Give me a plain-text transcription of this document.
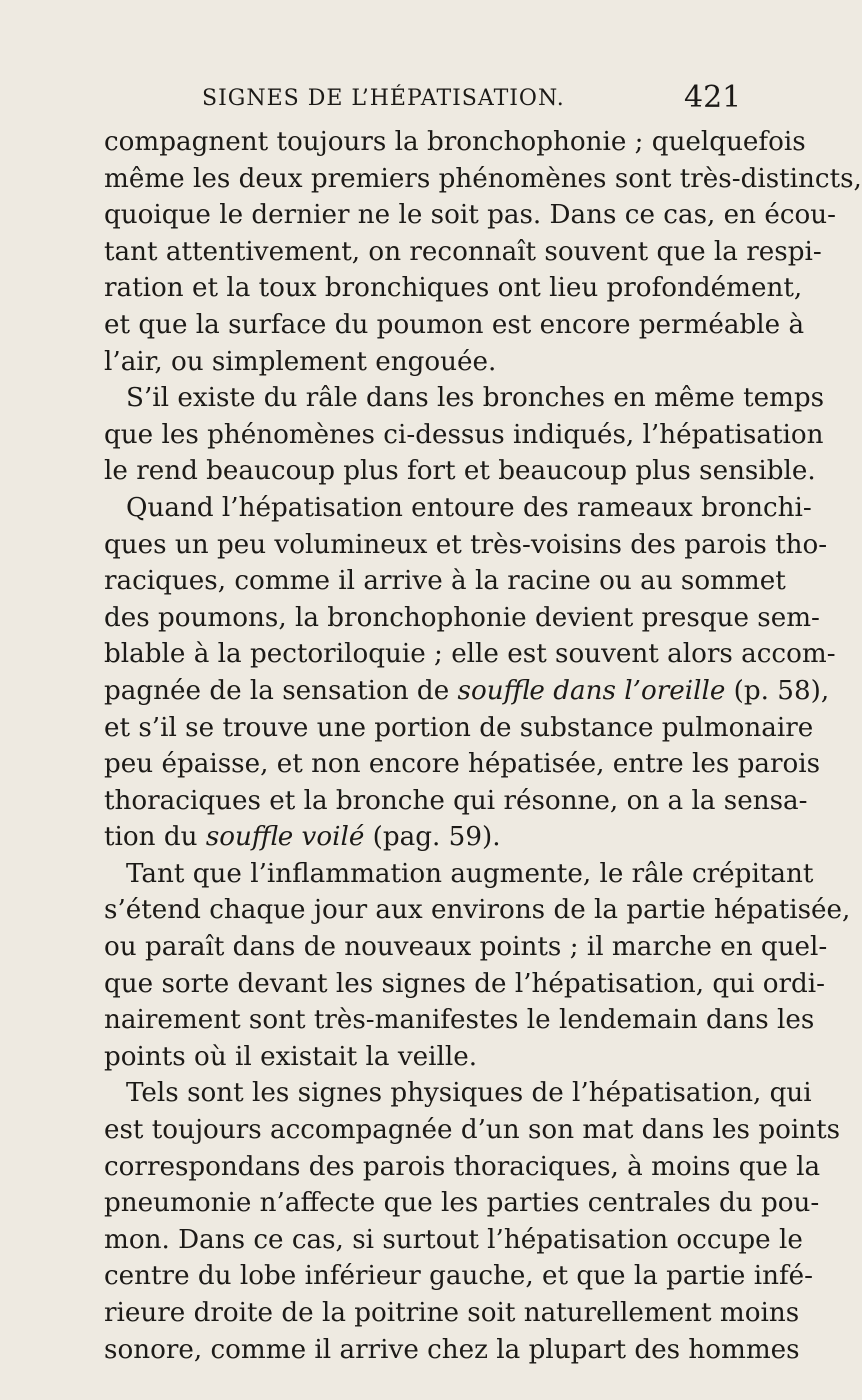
SIGNES DE L’HÉPATISATION.	421
compagnent toujours la bronchophonie ; quelquefois
même les deux premiers phénomènes sont très-distincts,
quoique le dernier ne le soit pas. Dans ce cas, en écou-
tant attentivement, on reconnaît souvent que la respi-
ration et la toux bronchiques ont lieu profondément,
et que la surface du poumon est encore perméable à
l’air, ou simplement engouée.
S’il existe du râle dans les bronches en même temps
que les phénomènes ci-dessus indiqués, l’hépatisation
le rend beaucoup plus fort et beaucoup plus sensible.
Quand l’hépatisation entoure des rameaux bronchi-
ques un peu volumineux et très-voisins des parois tho-
raciques, comme il arrive à la racine ou au sommet
des poumons, la bronchophonie devient presque sem-
blable à la pectoriloquie ; elle est souvent alors accom-
pagnée de la sensation de souffle dans l’oreille (p. 58),
et s’il se trouve une portion de substance pulmonaire
peu épaisse, et non encore hépatisée, entre les parois
thoraciques et la bronche qui résonne, on a la sensa-
tion du souffle voilé (pag. 59).
Tant que l’inflammation augmente, le râle crépitant
s’étend chaque jour aux environs de la partie hépatisée,
ou paraît dans de nouveaux points ; il marche en quel-
que sorte devant les signes de l’hépatisation, qui ordi-
nairement sont très-manifestes le lendemain dans les
points où il existait la veille.
Tels sont les signes physiques de l’hépatisation, qui
est toujours accompagnée d’un son mat dans les points
correspondans des parois thoraciques, à moins que la
pneumonie n’affecte que les parties centrales du pou-
mon. Dans ce cas, si surtout l’hépatisation occupe le
centre du lobe inférieur gauche, et que la partie infé-
rieure droite de la poitrine soit naturellement moins
sonore, comme il arrive chez la plupart des hommes
